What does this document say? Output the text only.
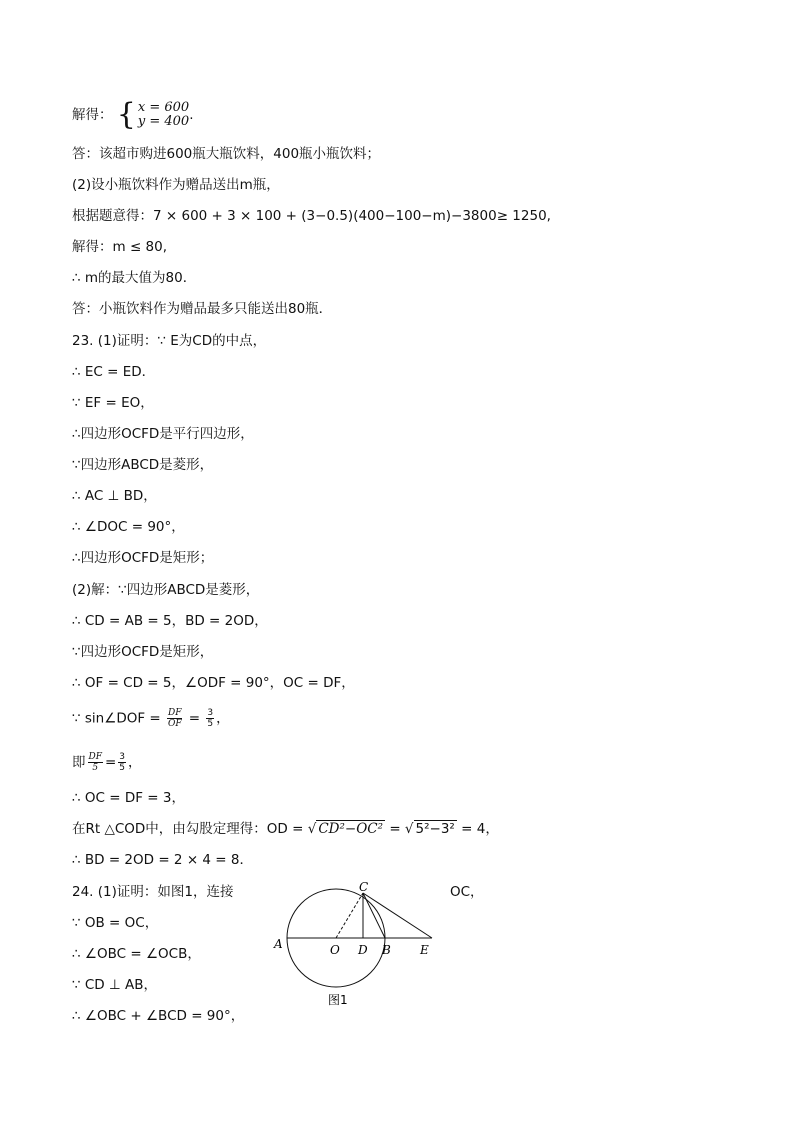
解得： { x = 600
y = 400 .
答：该超市购进600瓶大瓶饮料，400瓶小瓶饮料；
(2)设小瓶饮料作为赠品送出m瓶，
根据题意得：7 × 600 + 3 × 100 + (3−0.5)(400−100−m)−3800≥ 1250,
解得：m ≤ 80,
∴ m的最大值为80．
答：小瓶饮料作为赠品最多只能送出80瓶．
23. (1)证明：∵ E为CD的中点，
∴ EC = ED．
∵ EF = EO，
∴四边形OCFD是平行四边形，
∵四边形ABCD是菱形，
∴ AC ⊥ BD，
∴ ∠DOC = 90°，
∴四边形OCFD是矩形；
(2)解：∵四边形ABCD是菱形，
∴ CD = AB = 5，BD = 2OD，
∵四边形OCFD是矩形，
∴ OF = CD = 5，∠ODF = 90°，OC = DF，
∵ sin∠DOF = $\frac{DF}{OF} = \frac{3}{5}$ ，
即 $\frac{DF}{5} = \frac{3}{5}$ ，
∴ OC = DF = 3，
在Rt △COD中，由勾股定理得：OD = √ CD²−OC² = √ 5²−3² = 4，
∴ BD = 2OD = 2 × 4 = 8．
24. (1)证明：如图1，连接	OC，
∵ OB = OC，
∴ ∠OBC = ∠OCB，
∵ CD ⊥ AB，
∴ ∠OBC + ∠BCD = 90°，
A	O D B E
C
图1
